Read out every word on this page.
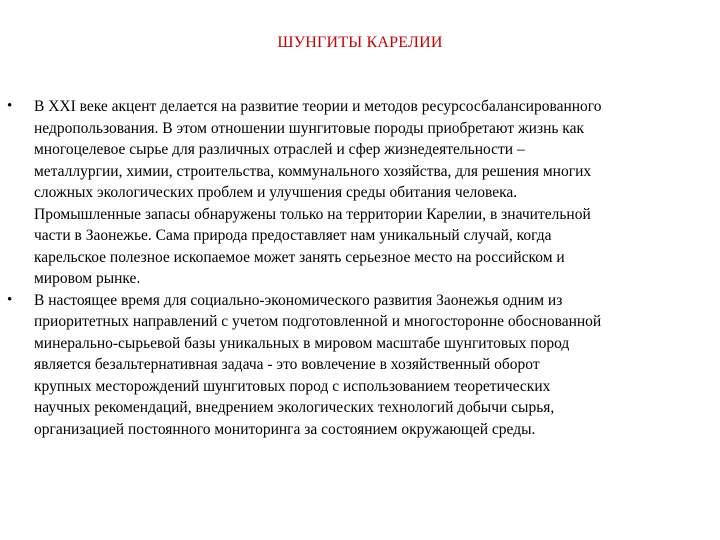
ШУНГИТЫ КАРЕЛИИ
• В XXI веке акцент делается на развитие теории и методов ресурсосбалансированного
недропользования. В этом отношении шунгитовые породы приобретают жизнь как
многоцелевое сырье для различных отраслей и сфер жизнедеятельности –
металлургии, химии, строительства, коммунального хозяйства, для решения многих
сложных экологических проблем и улучшения среды обитания человека.
Промышленные запасы обнаружены только на территории Карелии, в значительной
части в Заонежье. Сама природа предоставляет нам уникальный случай, когда
карельское полезное ископаемое может занять серьезное место на российском и
мировом рынке.

• В настоящее время для социально-экономического развития Заонежья одним из
приоритетных направлений с учетом подготовленной и многосторонне обоснованной
минерально-сырьевой базы уникальных в мировом масштабе шунгитовых пород
является безальтернативная задача - это вовлечение в хозяйственный оборот
крупных месторождений шунгитовых пород с использованием теоретических
научных рекомендаций, внедрением экологических технологий добычи сырья,
организацией постоянного мониторинга за состоянием окружающей среды.
